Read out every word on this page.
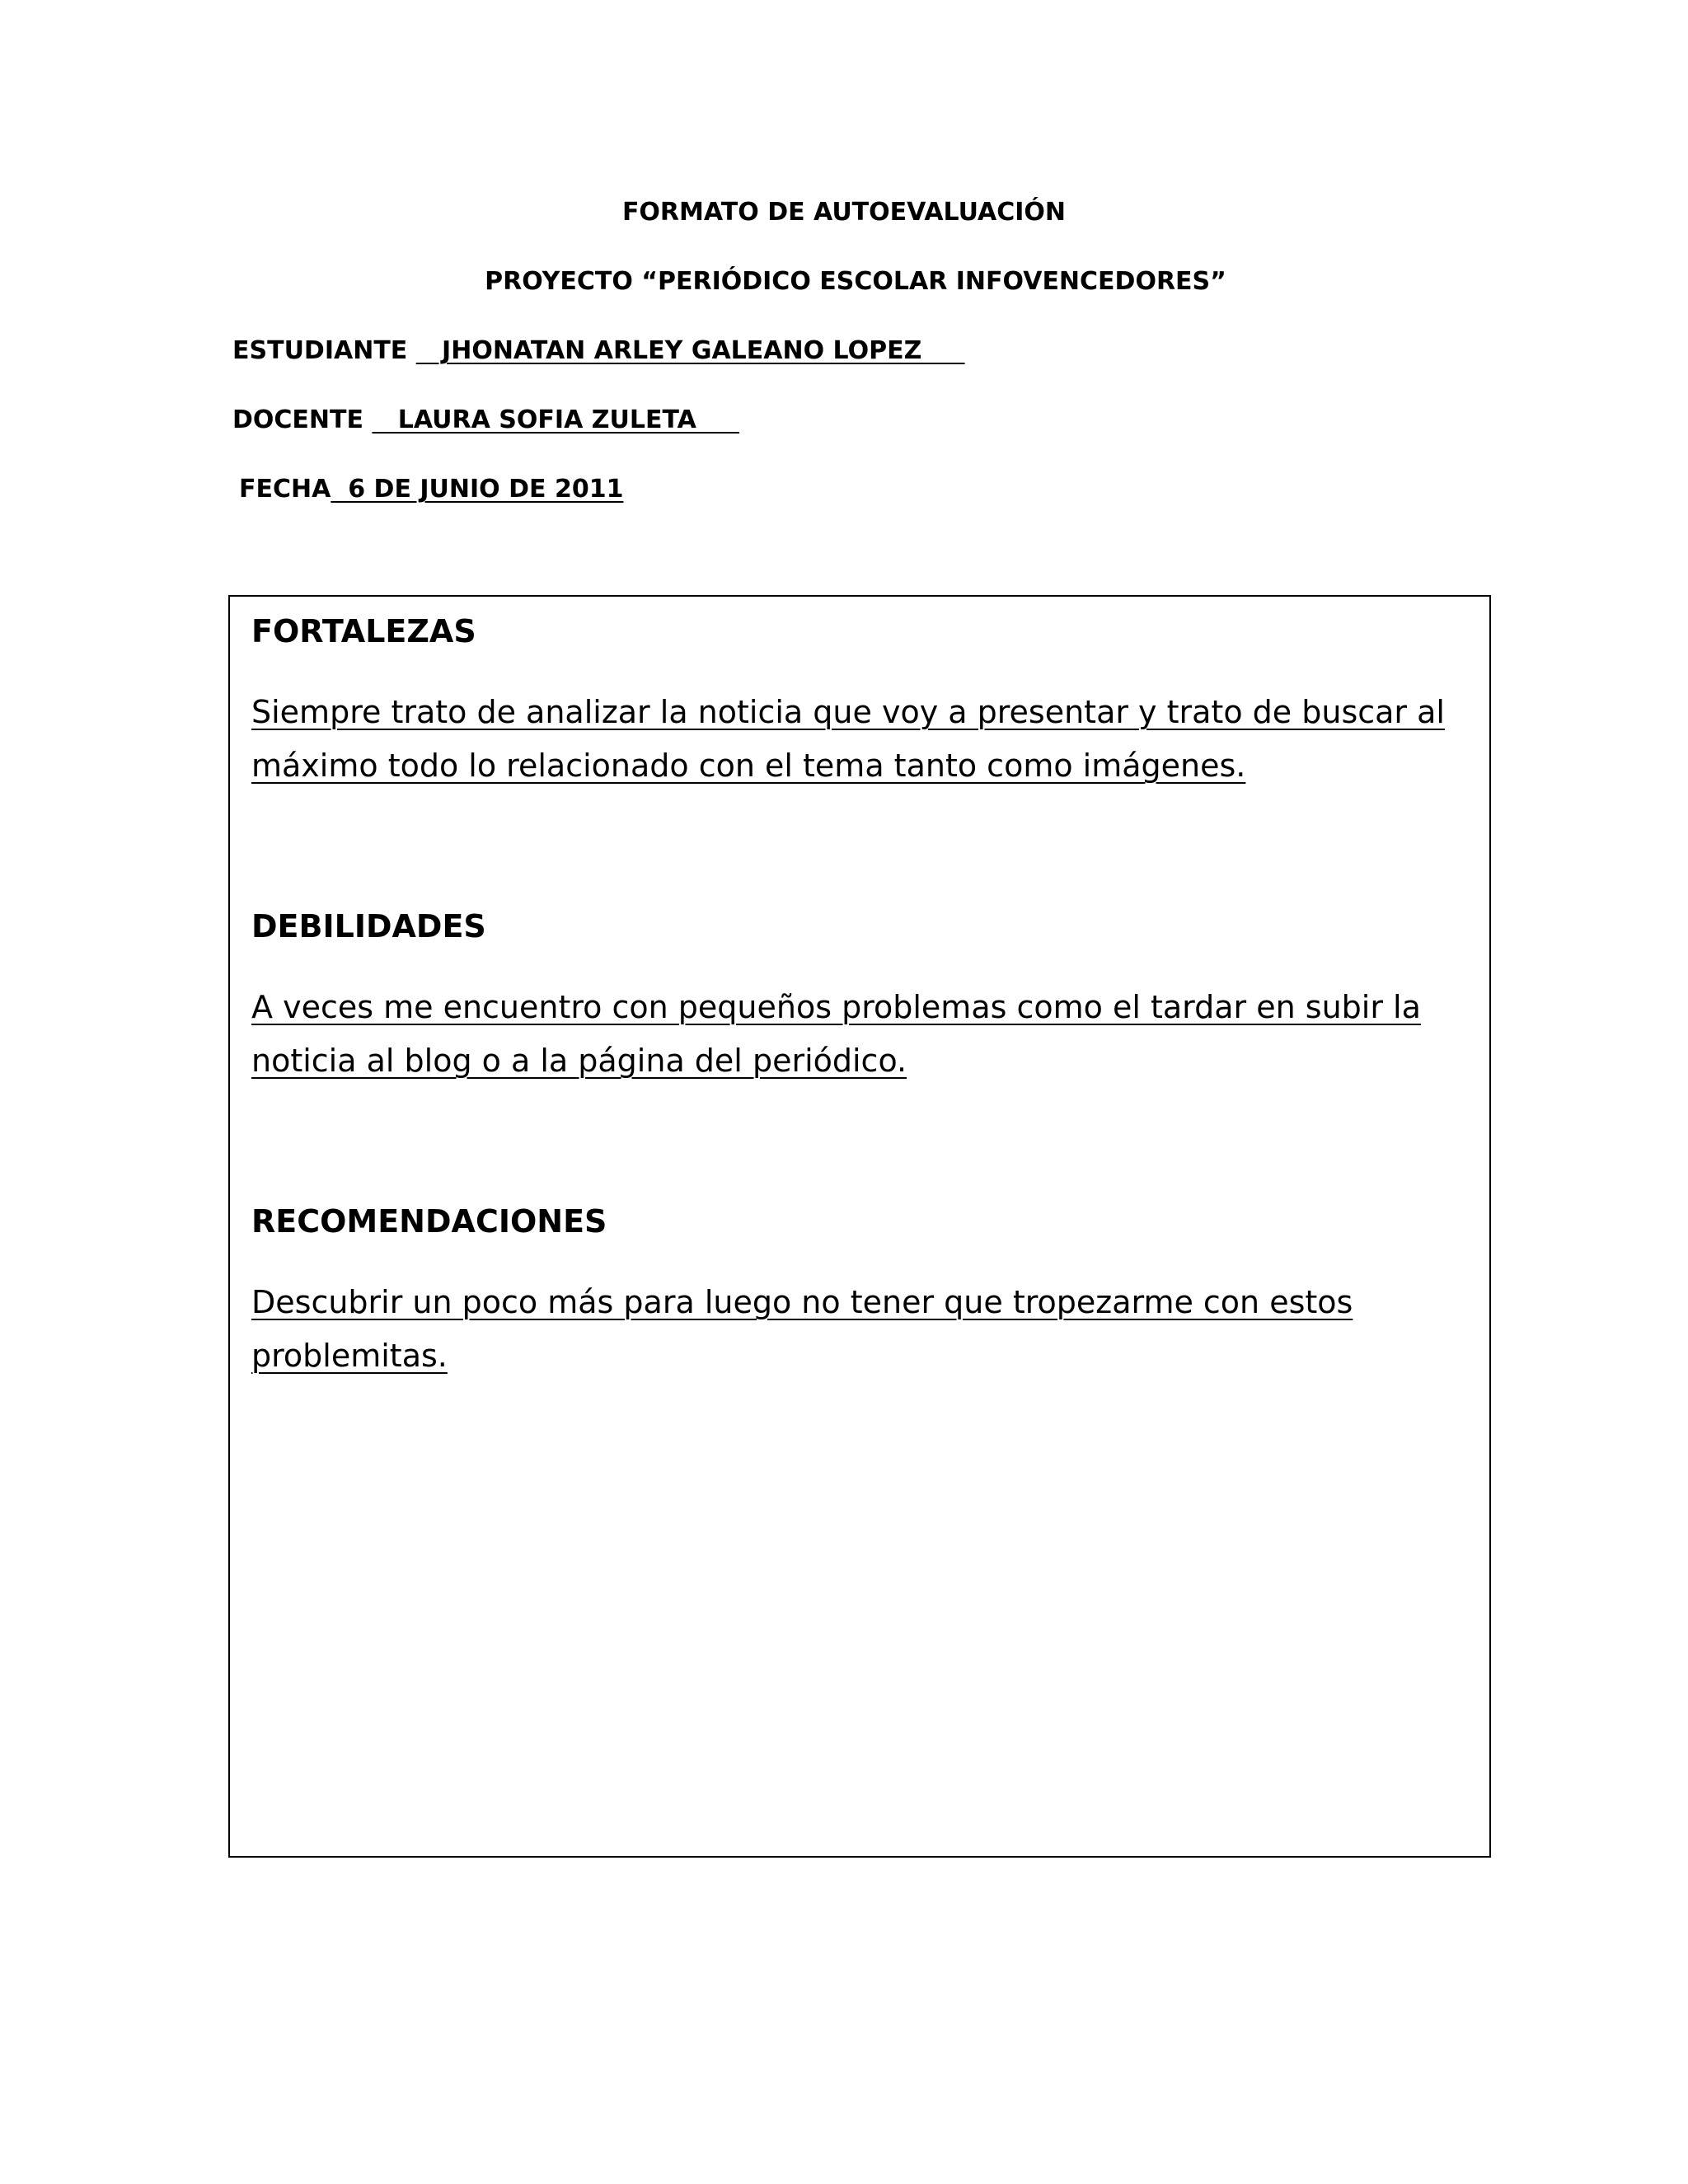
FORMATO DE AUTOEVALUACIÓN
PROYECTO “PERIÓDICO ESCOLAR INFOVENCEDORES”
ESTUDIANTE    JHONATAN ARLEY GALEANO LOPEZ
DOCENTE    LAURA SOFIA ZULETA
FECHA  6 DE JUNIO DE 2011
FORTALEZAS
Siempre trato de analizar la noticia que voy a presentar y trato de buscar al máximo todo lo relacionado con el tema tanto como imágenes.
DEBILIDADES
A veces me encuentro con pequeños problemas como el tardar en subir la noticia al blog o a la página del periódico.
RECOMENDACIONES
Descubrir un poco más para luego no tener que tropezarme con estos problemitas.
